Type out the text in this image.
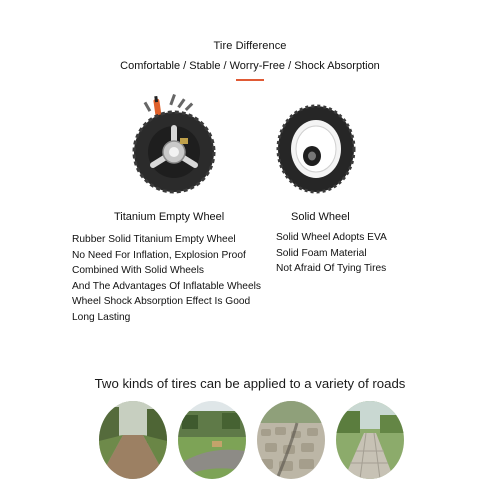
Tire Difference
Comfortable / Stable / Worry-Free / Shock Absorption
Titanium Empty Wheel
Rubber Solid Titanium Empty Wheel
No Need For Inflation, Explosion Proof
Combined With Solid Wheels
And The Advantages Of Inflatable Wheels
Wheel Shock Absorption Effect Is Good
Long Lasting
Solid Wheel
Solid Wheel Adopts EVA
Solid Foam Material
Not Afraid Of Tying Tires
Two kinds of tires can be applied to a variety of roads
